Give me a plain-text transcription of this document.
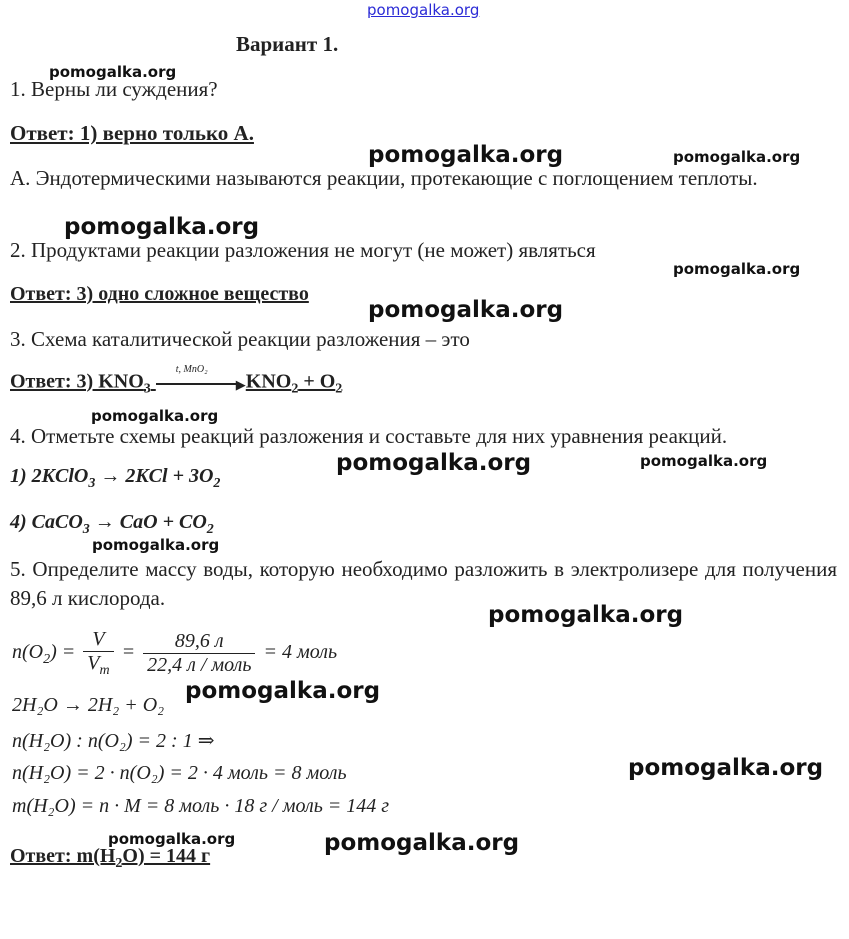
pomogalka.org
pomogalka.org
pomogalka.org	pomogalka.org
pomogalka.org
pomogalka.org
pomogalka.org
pomogalka.org
pomogalka.org	pomogalka.org
pomogalka.org
pomogalka.org
pomogalka.org
pomogalka.org
pomogalka.org	pomogalka.org
Вариант 1.
1. Верны ли суждения?
Ответ: 1) верно только А.
А. Эндотермическими называются реакции, протекающие с поглощением теплоты.
2. Продуктами реакции разложения не могут (не может) являться
Ответ: 3) одно сложное вещество
3. Схема каталитической реакции разложения – это
Ответ: 3) $KNO_3$
t, MnO₂
▶ $KNO_2 + O_2$
4. Отметьте схемы реакций разложения и составьте для них уравнения реакций.
1) 2KClO$_3$ → $2KCl + 3O_2$
4) CaCO$_3$ → CaO + $CO_2$
5. Определите массу воды, которую необходимо разложить в электролизере для получения 89,6 л кислорода.
$n(O_2) = \frac{V}{V_m} = \frac{89,6 л}{\text{22,4 л / моль}} = 4$ моль
2H₂O → 2H₂ + O₂
n(H₂O) : n(O₂) = 2 : 1 ⇒
n(H₂O) = 2 · n(O₂) = 2 · 4 моль = 8 моль
m(H₂O) = n · M = 8 моль · 18 г / моль = 144 г
Ответ: $m(H_2O) = 144$ г
